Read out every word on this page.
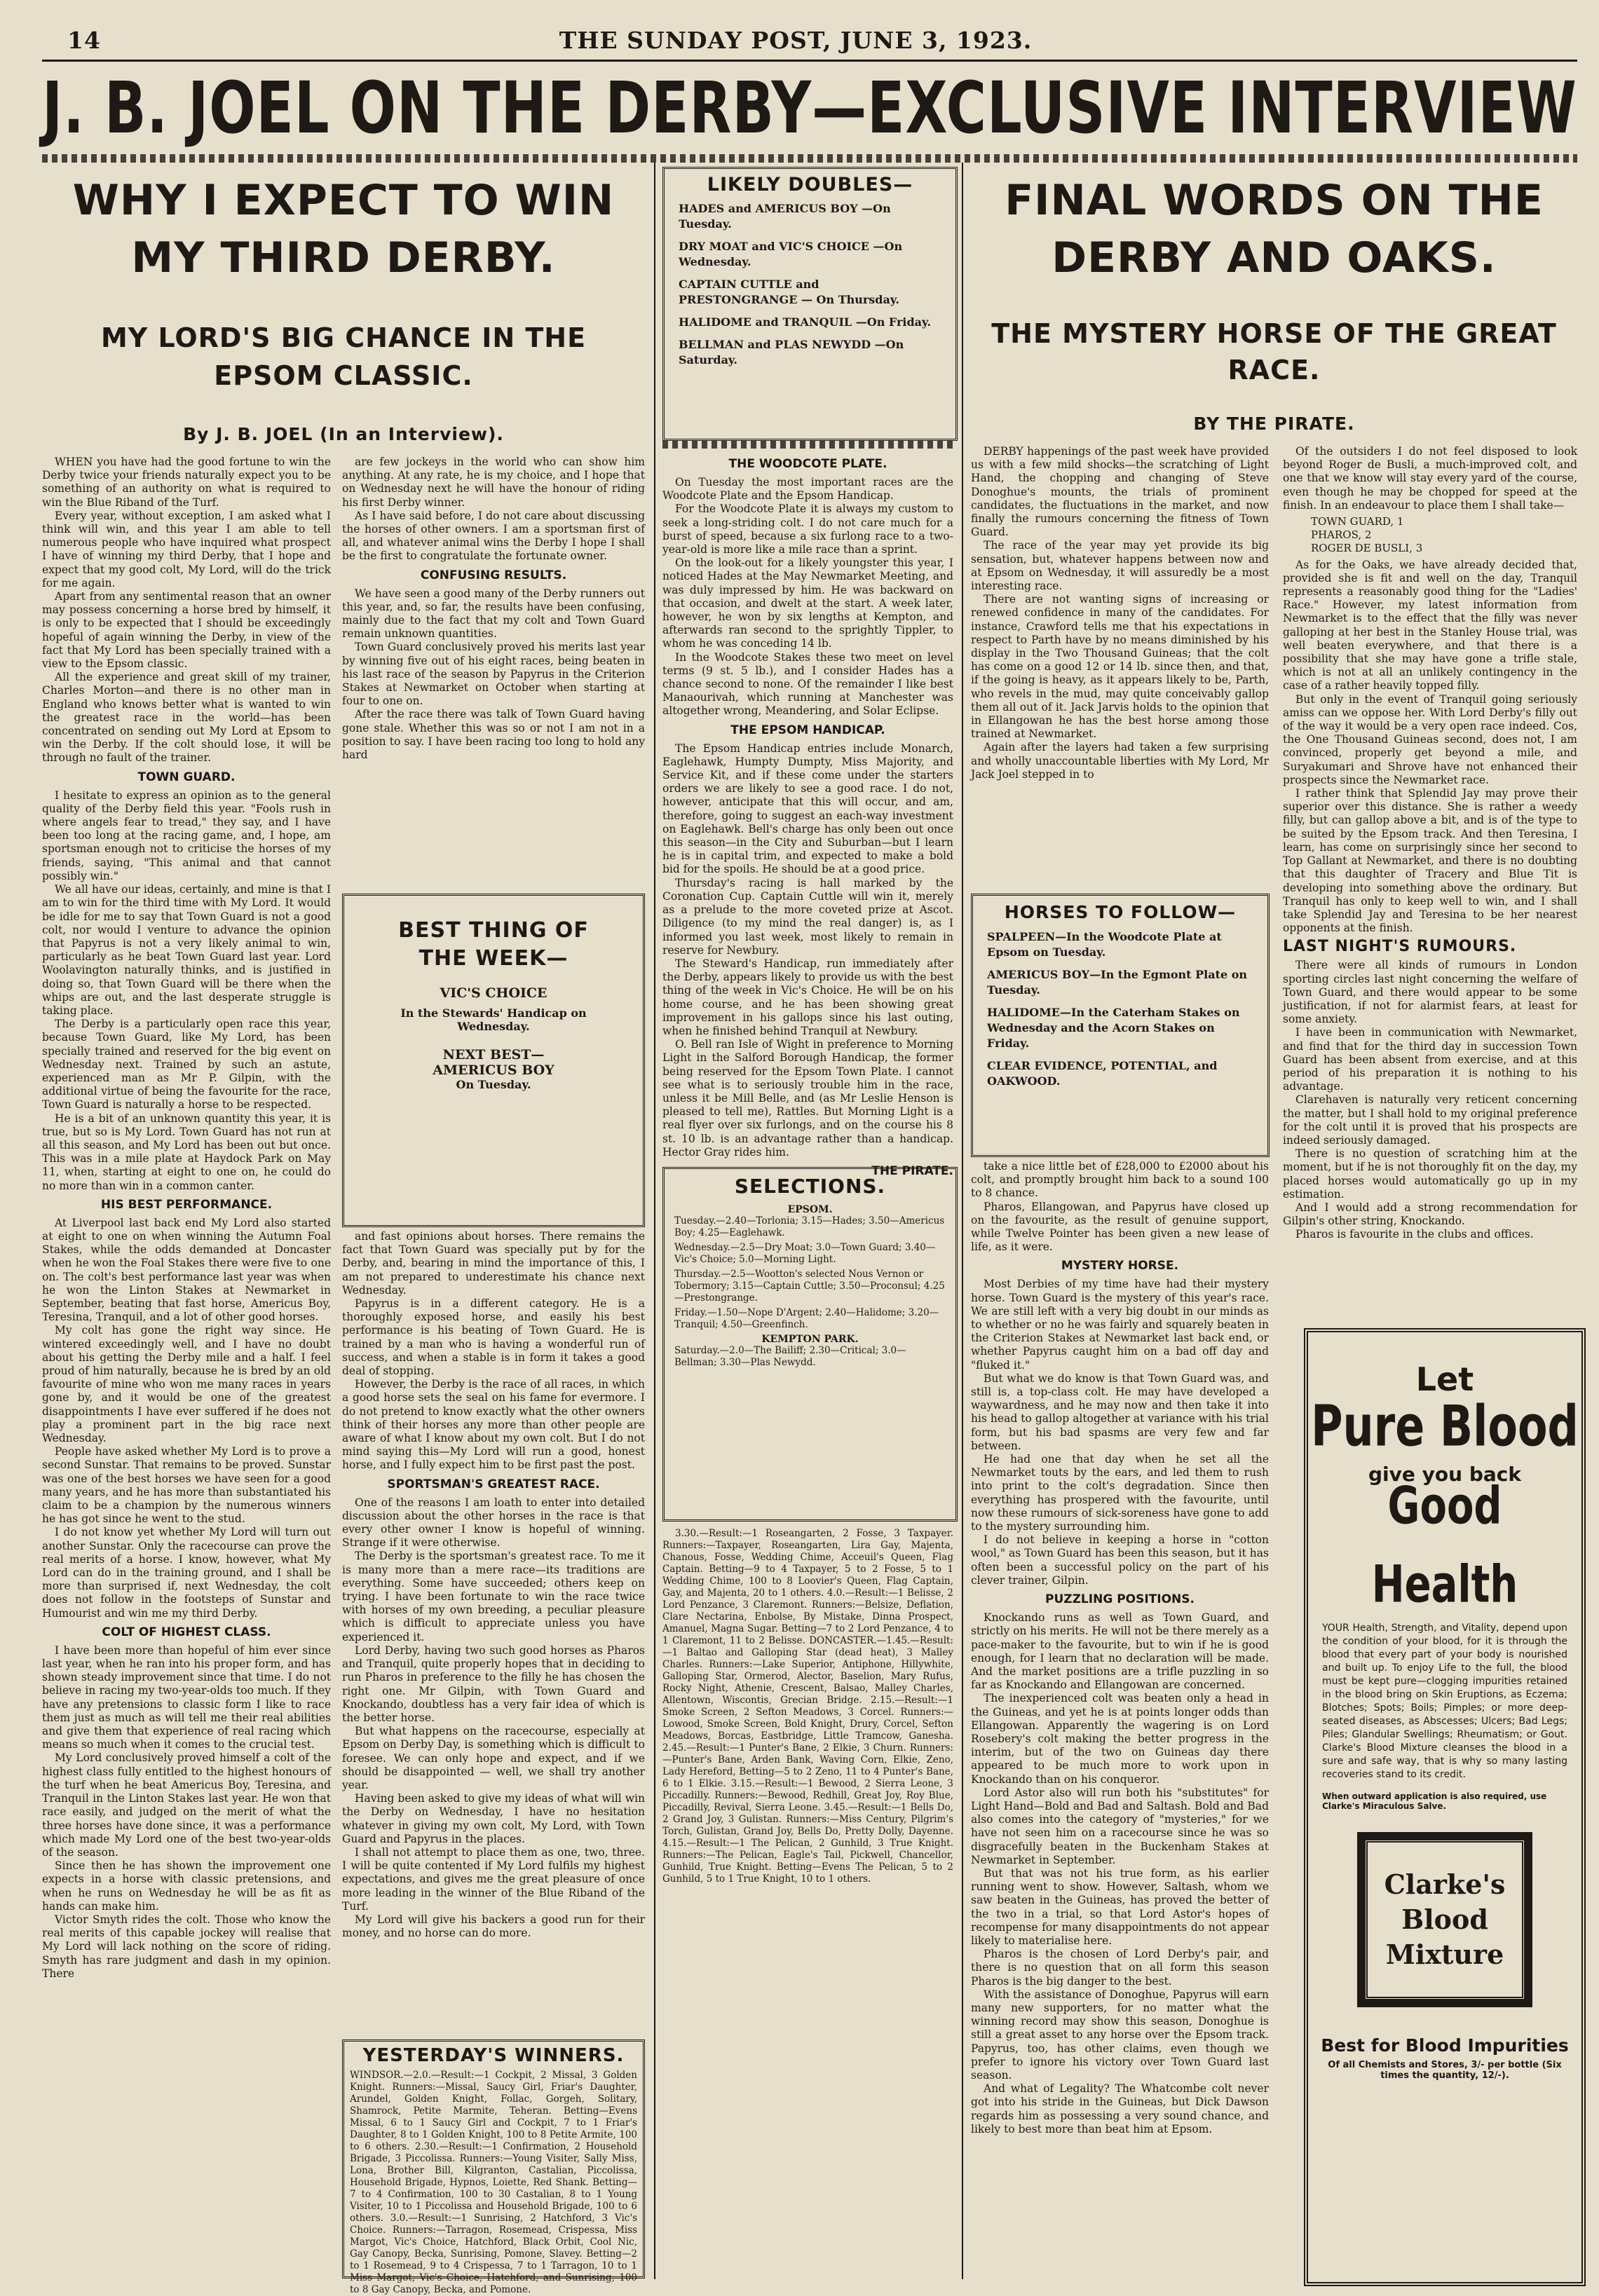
14	THE SUNDAY POST, JUNE 3, 1923.
J. B. JOEL ON THE DERBY—EXCLUSIVE INTERVIEW
WHY I EXPECT TO WIN
MY THIRD DERBY.
MY LORD'S BIG CHANCE IN THE
EPSOM CLASSIC.
By J. B. JOEL (In an Interview).

WHEN you have had the good fortune to win the Derby twice your friends naturally expect you to be something of an authority on what is required to win the Blue Riband of the Turf.

Every year, without exception, I am asked what I think will win, and this year I am able to tell numerous people who have inquired what prospect I have of winning my third Derby, that I hope and expect that my good colt, My Lord, will do the trick for me again.

Apart from any sentimental reason that an owner may possess concerning a horse bred by himself, it is only to be expected that I should be exceedingly hopeful of again winning the Derby, in view of the fact that My Lord has been specially trained with a view to the Epsom classic.

All the experience and great skill of my trainer, Charles Morton—and there is no other man in England who knows better what is wanted to win the greatest race in the world—has been concentrated on sending out My Lord at Epsom to win the Derby. If the colt should lose, it will be through no fault of the trainer.

TOWN GUARD.

I hesitate to express an opinion as to the general quality of the Derby field this year. "Fools rush in where angels fear to tread," they say, and I have been too long at the racing game, and, I hope, am sportsman enough not to criticise the horses of my friends, saying, "This animal and that cannot possibly win."

We all have our ideas, certainly, and mine is that I am to win for the third time with My Lord. It would be idle for me to say that Town Guard is not a good colt, nor would I venture to advance the opinion that Papyrus is not a very likely animal to win, particularly as he beat Town Guard last year. Lord Woolavington naturally thinks, and is justified in doing so, that Town Guard will be there when the whips are out, and the last desperate struggle is taking place.

The Derby is a particularly open race this year, because Town Guard, like My Lord, has been specially trained and reserved for the big event on Wednesday next. Trained by such an astute, experienced man as Mr P. Gilpin, with the additional virtue of being the favourite for the race, Town Guard is naturally a horse to be respected.

He is a bit of an unknown quantity this year, it is true, but so is My Lord. Town Guard has not run at all this season, and My Lord has been out but once. This was in a mile plate at Haydock Park on May 11, when, starting at eight to one on, he could do no more than win in a common canter.

HIS BEST PERFORMANCE.

At Liverpool last back end My Lord also started at eight to one on when winning the Autumn Foal Stakes, while the odds demanded at Doncaster when he won the Foal Stakes there were five to one on. The colt's best performance last year was when he won the Linton Stakes at Newmarket in September, beating that fast horse, Americus Boy, Teresina, Tranquil, and a lot of other good horses.

My colt has gone the right way since. He wintered exceedingly well, and I have no doubt about his getting the Derby mile and a half. I feel proud of him naturally, because he is bred by an old favourite of mine who won me many races in years gone by, and it would be one of the greatest disappointments I have ever suffered if he does not play a prominent part in the big race next Wednesday.

People have asked whether My Lord is to prove a second Sunstar. That remains to be proved. Sunstar was one of the best horses we have seen for a good many years, and he has more than substantiated his claim to be a champion by the numerous winners he has got since he went to the stud.

I do not know yet whether My Lord will turn out another Sunstar. Only the racecourse can prove the real merits of a horse. I know, however, what My Lord can do in the training ground, and I shall be more than surprised if, next Wednesday, the colt does not follow in the footsteps of Sunstar and Humourist and win me my third Derby.

COLT OF HIGHEST CLASS.

I have been more than hopeful of him ever since last year, when he ran into his proper form, and has shown steady improvement since that time. I do not believe in racing my two-year-olds too much. If they have any pretensions to classic form I like to race them just as much as will tell me their real abilities and give them that experience of real racing which means so much when it comes to the crucial test.

My Lord conclusively proved himself a colt of the highest class fully entitled to the highest honours of the turf when he beat Americus Boy, Teresina, and Tranquil in the Linton Stakes last year. He won that race easily, and judged on the merit of what the three horses have done since, it was a performance which made My Lord one of the best two-year-olds of the season.

Since then he has shown the improvement one expects in a horse with classic pretensions, and when he runs on Wednesday he will be as fit as hands can make him.

Victor Smyth rides the colt. Those who know the real merits of this capable jockey will realise that My Lord will lack nothing on the score of riding. Smyth has rare judgment and dash in my opinion. There

are few jockeys in the world who can show him anything. At any rate, he is my choice, and I hope that on Wednesday next he will have the honour of riding his first Derby winner.

As I have said before, I do not care about discussing the horses of other owners. I am a sportsman first of all, and whatever animal wins the Derby I hope I shall be the first to congratulate the fortunate owner.

CONFUSING RESULTS.

We have seen a good many of the Derby runners out this year, and, so far, the results have been confusing, mainly due to the fact that my colt and Town Guard remain unknown quantities.

Town Guard conclusively proved his merits last year by winning five out of his eight races, being beaten in his last race of the season by Papyrus in the Criterion Stakes at Newmarket on October when starting at four to one on.

After the race there was talk of Town Guard having gone stale. Whether this was so or not I am not in a position to say. I have been racing too long to hold any hard

BEST THING OF
THE WEEK—
VIC'S CHOICE
In the Stewards' Handicap on Wednesday.
NEXT BEST—
AMERICUS BOY
On Tuesday.

and fast opinions about horses. There remains the fact that Town Guard was specially put by for the Derby, and, bearing in mind the importance of this, I am not prepared to underestimate his chance next Wednesday.

Papyrus is in a different category. He is a thoroughly exposed horse, and easily his best performance is his beating of Town Guard. He is trained by a man who is having a wonderful run of success, and when a stable is in form it takes a good deal of stopping.

However, the Derby is the race of all races, in which a good horse sets the seal on his fame for evermore. I do not pretend to know exactly what the other owners think of their horses any more than other people are aware of what I know about my own colt. But I do not mind saying this—My Lord will run a good, honest horse, and I fully expect him to be first past the post.

SPORTSMAN'S GREATEST RACE.

One of the reasons I am loath to enter into detailed discussion about the other horses in the race is that every other owner I know is hopeful of winning. Strange if it were otherwise.

The Derby is the sportsman's greatest race. To me it is many more than a mere race—its traditions are everything. Some have succeeded; others keep on trying. I have been fortunate to win the race twice with horses of my own breeding, a peculiar pleasure which is difficult to appreciate unless you have experienced it.

Lord Derby, having two such good horses as Pharos and Tranquil, quite properly hopes that in deciding to run Pharos in preference to the filly he has chosen the right one. Mr Gilpin, with Town Guard and Knockando, doubtless has a very fair idea of which is the better horse.

But what happens on the racecourse, especially at Epsom on Derby Day, is something which is difficult to foresee. We can only hope and expect, and if we should be disappointed — well, we shall try another year.

Having been asked to give my ideas of what will win the Derby on Wednesday, I have no hesitation whatever in giving my own colt, My Lord, with Town Guard and Papyrus in the places.

I shall not attempt to place them as one, two, three. I will be quite contented if My Lord fulfils my highest expectations, and gives me the great pleasure of once more leading in the winner of the Blue Riband of the Turf.

My Lord will give his backers a good run for their money, and no horse can do more.

YESTERDAY'S WINNERS.
WINDSOR.—2.0.—Result:—1 Cockpit, 2 Missal, 3 Golden Knight. Runners:—Missal, Saucy Girl, Friar's Daughter, Arundel, Golden Knight, Follac, Gorgeh, Solitary, Shamrock, Petite Marmite, Teheran. Betting—Evens Missal, 6 to 1 Saucy Girl and Cockpit, 7 to 1 Friar's Daughter, 8 to 1 Golden Knight, 100 to 8 Petite Armite, 100 to 6 others. 2.30.—Result:—1 Confirmation, 2 Household Brigade, 3 Piccolissa. Runners:—Young Visiter, Sally Miss, Lona, Brother Bill, Kilgranton, Castalian, Piccolissa, Household Brigade, Hypnos, Loiette, Red Shank. Betting—7 to 4 Confirmation, 100 to 30 Castalian, 8 to 1 Young Visiter, 10 to 1 Piccolissa and Household Brigade, 100 to 6 others. 3.0.—Result:—1 Sunrising, 2 Hatchford, 3 Vic's Choice. Runners:—Tarragon, Rosemead, Crispessa, Miss Margot, Vic's Choice, Hatchford, Black Orbit, Cool Nic, Gay Canopy, Becka, Sunrising, Pomone, Slavey. Betting—2 to 1 Rosemead, 9 to 4 Crispessa, 7 to 1 Tarragon, 10 to 1 Miss Margot, Vic's Choice, Hatchford, and Sunrising, 100 to 8 Gay Canopy, Becka, and Pomone.
LIKELY DOUBLES—
HADES and AMERICUS BOY —On Tuesday.
DRY MOAT and VIC'S CHOICE —On Wednesday.
CAPTAIN CUTTLE and PRESTONGRANGE — On Thursday.
HALIDOME and TRANQUIL —On Friday.
BELLMAN and PLAS NEWYDD —On Saturday.
THE WOODCOTE PLATE.

On Tuesday the most important races are the Woodcote Plate and the Epsom Handicap.

For the Woodcote Plate it is always my custom to seek a long-striding colt. I do not care much for a burst of speed, because a six furlong race to a two-year-old is more like a mile race than a sprint.

On the look-out for a likely youngster this year, I noticed Hades at the May Newmarket Meeting, and was duly impressed by him. He was backward on that occasion, and dwelt at the start. A week later, however, he won by six lengths at Kempton, and afterwards ran second to the sprightly Tippler, to whom he was conceding 14 lb.

In the Woodcote Stakes these two meet on level terms (9 st. 5 lb.), and I consider Hades has a chance second to none. Of the remainder I like best Manaourivah, which running at Manchester was altogether wrong, Meandering, and Solar Eclipse.

THE EPSOM HANDICAP.

The Epsom Handicap entries include Monarch, Eaglehawk, Humpty Dumpty, Miss Majority, and Service Kit, and if these come under the starters orders we are likely to see a good race. I do not, however, anticipate that this will occur, and am, therefore, going to suggest an each-way investment on Eaglehawk. Bell's charge has only been out once this season—in the City and Suburban—but I learn he is in capital trim, and expected to make a bold bid for the spoils. He should be at a good price.

Thursday's racing is hall marked by the Coronation Cup. Captain Cuttle will win it, merely as a prelude to the more coveted prize at Ascot. Diligence (to my mind the real danger) is, as I informed you last week, most likely to remain in reserve for Newbury.

The Steward's Handicap, run immediately after the Derby, appears likely to provide us with the best thing of the week in Vic's Choice. He will be on his home course, and he has been showing great improvement in his gallops since his last outing, when he finished behind Tranquil at Newbury.

O. Bell ran Isle of Wight in preference to Morning Light in the Salford Borough Handicap, the former being reserved for the Epsom Town Plate. I cannot see what is to seriously trouble him in the race, unless it be Mill Belle, and (as Mr Leslie Henson is pleased to tell me), Rattles. But Morning Light is a real flyer over six furlongs, and on the course his 8 st. 10 lb. is an advantage rather than a handicap. Hector Gray rides him.

THE PIRATE.
SELECTIONS.
EPSOM.
Tuesday.—2.40—Torlonia; 3.15—Hades; 3.50—Americus Boy; 4.25—Eaglehawk.
Wednesday.—2.5—Dry Moat; 3.0—Town Guard; 3.40—Vic's Choice; 5.0—Morning Light.
Thursday.—2.5—Wootton's selected Nous Vernon or Tobermory; 3.15—Captain Cuttle; 3.50—Proconsul; 4.25—Prestongrange.
Friday.—1.50—Nope D'Argent; 2.40—Halidome; 3.20—Tranquil; 4.50—Greenfinch.
KEMPTON PARK.
Saturday.—2.0—The Bailiff; 2.30—Critical; 3.0—Bellman; 3.30—Plas Newydd.

3.30.—Result:—1 Roseangarten, 2 Fosse, 3 Taxpayer. Runners:—Taxpayer, Roseangarten, Lira Gay, Majenta, Chanous, Fosse, Wedding Chime, Acceuil's Queen, Flag Captain. Betting—9 to 4 Taxpayer, 5 to 2 Fosse, 5 to 1 Wedding Chime, 100 to 8 Loovier's Queen, Flag Captain, Gay, and Majenta, 20 to 1 others. 4.0.—Result:—1 Belisse, 2 Lord Penzance, 3 Claremont. Runners:—Belsize, Deflation, Clare Nectarina, Enbolse, By Mistake, Dinna Prospect, Amanuel, Magna Sugar. Betting—7 to 2 Lord Penzance, 4 to 1 Claremont, 11 to 2 Belisse. DONCASTER.—1.45.—Result:—1 Baltao and Galloping Star (dead heat), 3 Malley Charles. Runners:—Lake Superior, Antiphone, Hillywhite, Galloping Star, Ormerod, Alector, Baselion, Mary Rufus, Rocky Night, Athenie, Crescent, Balsao, Malley Charles, Allentown, Wiscontis, Grecian Bridge. 2.15.—Result:—1 Smoke Screen, 2 Sefton Meadows, 3 Corcel. Runners:—Lowood, Smoke Screen, Bold Knight, Drury, Corcel, Sefton Meadows, Borcas, Eastbridge, Little Tramcow, Ganesha. 2.45.—Result:—1 Punter's Bane, 2 Elkie, 3 Churn. Runners:—Punter's Bane, Arden Bank, Waving Corn, Elkie, Zeno, Lady Hereford, Betting—5 to 2 Zeno, 11 to 4 Punter's Bane, 6 to 1 Elkie. 3.15.—Result:—1 Bewood, 2 Sierra Leone, 3 Piccadilly. Runners:—Bewood, Redhill, Great Joy, Roy Blue, Piccadilly, Revival, Sierra Leone. 3.45.—Result:—1 Bells Do, 2 Grand Joy, 3 Gulistan. Runners:—Miss Century, Pilgrim's Torch, Gulistan, Grand Joy, Bells Do, Pretty Dolly, Dayenne. 4.15.—Result:—1 The Pelican, 2 Gunhild, 3 True Knight. Runners:—The Pelican, Eagle's Tail, Pickwell, Chancellor, Gunhild, True Knight. Betting—Evens The Pelican, 5 to 2 Gunhild, 5 to 1 True Knight, 10 to 1 others.

FINAL WORDS ON THE
DERBY AND OAKS.
THE MYSTERY HORSE OF THE GREAT
RACE.
BY THE PIRATE.

DERBY happenings of the past week have provided us with a few mild shocks—the scratching of Light Hand, the chopping and changing of Steve Donoghue's mounts, the trials of prominent candidates, the fluctuations in the market, and now finally the rumours concerning the fitness of Town Guard.

The race of the year may yet provide its big sensation, but, whatever happens between now and at Epsom on Wednesday, it will assuredly be a most interesting race.

There are not wanting signs of increasing or renewed confidence in many of the candidates. For instance, Crawford tells me that his expectations in respect to Parth have by no means diminished by his display in the Two Thousand Guineas; that the colt has come on a good 12 or 14 lb. since then, and that, if the going is heavy, as it appears likely to be, Parth, who revels in the mud, may quite conceivably gallop them all out of it. Jack Jarvis holds to the opinion that in Ellangowan he has the best horse among those trained at Newmarket.

Again after the layers had taken a few surprising and wholly unaccountable liberties with My Lord, Mr Jack Joel stepped in to

HORSES TO FOLLOW—
SPALPEEN—In the Woodcote Plate at Epsom on Tuesday.
AMERICUS BOY—In the Egmont Plate on Tuesday.
HALIDOME—In the Caterham Stakes on Wednesday and the Acorn Stakes on Friday.
CLEAR EVIDENCE, POTENTIAL, and OAKWOOD.

take a nice little bet of £28,000 to £2000 about his colt, and promptly brought him back to a sound 100 to 8 chance.

Pharos, Ellangowan, and Papyrus have closed up on the favourite, as the result of genuine support, while Twelve Pointer has been given a new lease of life, as it were.

MYSTERY HORSE.

Most Derbies of my time have had their mystery horse. Town Guard is the mystery of this year's race. We are still left with a very big doubt in our minds as to whether or no he was fairly and squarely beaten in the Criterion Stakes at Newmarket last back end, or whether Papyrus caught him on a bad off day and "fluked it."

But what we do know is that Town Guard was, and still is, a top-class colt. He may have developed a waywardness, and he may now and then take it into his head to gallop altogether at variance with his trial form, but his bad spasms are very few and far between.

He had one that day when he set all the Newmarket touts by the ears, and led them to rush into print to the colt's degradation. Since then everything has prospered with the favourite, until now these rumours of sick-soreness have gone to add to the mystery surrounding him.

I do not believe in keeping a horse in "cotton wool," as Town Guard has been this season, but it has often been a successful policy on the part of his clever trainer, Gilpin.

PUZZLING POSITIONS.

Knockando runs as well as Town Guard, and strictly on his merits. He will not be there merely as a pace-maker to the favourite, but to win if he is good enough, for I learn that no declaration will be made. And the market positions are a trifle puzzling in so far as Knockando and Ellangowan are concerned.

The inexperienced colt was beaten only a head in the Guineas, and yet he is at points longer odds than Ellangowan. Apparently the wagering is on Lord Rosebery's colt making the better progress in the interim, but of the two on Guineas day there appeared to be much more to work upon in Knockando than on his conqueror.

Lord Astor also will run both his "substitutes" for Light Hand—Bold and Bad and Saltash. Bold and Bad also comes into the category of "mysteries," for we have not seen him on a racecourse since he was so disgracefully beaten in the Buckenham Stakes at Newmarket in September.

But that was not his true form, as his earlier running went to show. However, Saltash, whom we saw beaten in the Guineas, has proved the better of the two in a trial, so that Lord Astor's hopes of recompense for many disappointments do not appear likely to materialise here.

Pharos is the chosen of Lord Derby's pair, and there is no question that on all form this season Pharos is the big danger to the best.

With the assistance of Donoghue, Papyrus will earn many new supporters, for no matter what the winning record may show this season, Donoghue is still a great asset to any horse over the Epsom track. Papyrus, too, has other claims, even though we prefer to ignore his victory over Town Guard last season.

And what of Legality? The Whatcombe colt never got into his stride in the Guineas, but Dick Dawson regards him as possessing a very sound chance, and likely to best more than beat him at Epsom.

Of the outsiders I do not feel disposed to look beyond Roger de Busli, a much-improved colt, and one that we know will stay every yard of the course, even though he may be chopped for speed at the finish. In an endeavour to place them I shall take—

TOWN GUARD, 1
PHAROS, 2
ROGER DE BUSLI, 3

As for the Oaks, we have already decided that, provided she is fit and well on the day, Tranquil represents a reasonably good thing for the "Ladies' Race." However, my latest information from Newmarket is to the effect that the filly was never galloping at her best in the Stanley House trial, was well beaten everywhere, and that there is a possibility that she may have gone a trifle stale, which is not at all an unlikely contingency in the case of a rather heavily topped filly.

But only in the event of Tranquil going seriously amiss can we oppose her. With Lord Derby's filly out of the way it would be a very open race indeed. Cos, the One Thousand Guineas second, does not, I am convinced, properly get beyond a mile, and Suryakumari and Shrove have not enhanced their prospects since the Newmarket race.

I rather think that Splendid Jay may prove their superior over this distance. She is rather a weedy filly, but can gallop above a bit, and is of the type to be suited by the Epsom track. And then Teresina, I learn, has come on surprisingly since her second to Top Gallant at Newmarket, and there is no doubting that this daughter of Tracery and Blue Tit is developing into something above the ordinary. But Tranquil has only to keep well to win, and I shall take Splendid Jay and Teresina to be her nearest opponents at the finish.

LAST NIGHT'S RUMOURS.

There were all kinds of rumours in London sporting circles last night concerning the welfare of Town Guard, and there would appear to be some justification, if not for alarmist fears, at least for some anxiety.

I have been in communication with Newmarket, and find that for the third day in succession Town Guard has been absent from exercise, and at this period of his preparation it is nothing to his advantage.

Clarehaven is naturally very reticent concerning the matter, but I shall hold to my original preference for the colt until it is proved that his prospects are indeed seriously damaged.

There is no question of scratching him at the moment, but if he is not thoroughly fit on the day, my placed horses would automatically go up in my estimation.

And I would add a strong recommendation for Gilpin's other string, Knockando.

Pharos is favourite in the clubs and offices.

Let
Pure Blood
give you back
Good Health
YOUR Health, Strength, and Vitality, depend upon the condition of your blood, for it is through the blood that every part of your body is nourished and built up. To enjoy Life to the full, the blood must be kept pure—clogging impurities retained in the blood bring on Skin Eruptions, as Eczema; Blotches; Spots; Boils; Pimples; or more deep-seated diseases, as Abscesses; Ulcers; Bad Legs; Piles; Glandular Swellings; Rheumatism; or Gout. Clarke's Blood Mixture cleanses the blood in a sure and safe way, that is why so many lasting recoveries stand to its credit.
When outward application is also required, use Clarke's Miraculous Salve.
Clarke's
Blood
Mixture
Best for Blood Impurities
Of all Chemists and Stores, 3/- per bottle (Six times the quantity, 12/-).
